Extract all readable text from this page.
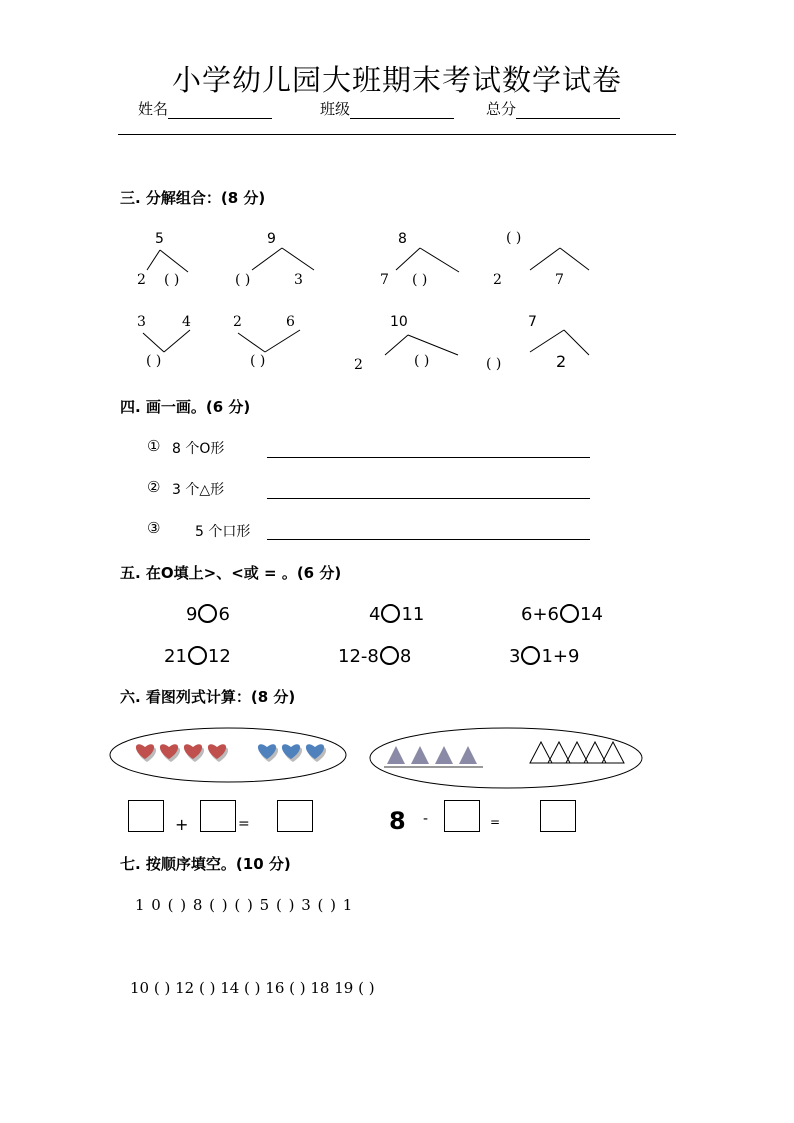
小学幼儿园大班期末考试数学试卷
姓名	班级	总分
三. 分解组合：(8 分)
5
2 ( )
9
( )	3
8
7 ( )
( )
2	7
3	4
( )
2	6
( )
10
2	( )
7
( )	2
四. 画一画。(6 分)
① 8 个O形
② 3 个△形
③ 5 个口形
五. 在O填上>、<或 = 。(6 分)
9 6	4 11	6+6 14
21 12	12-8 8	3 1+9
六. 看图列式计算：(8 分)
+	=	8 -	=
七. 按顺序填空。(10 分)
1 0 ( ) 8 ( ) ( ) 5 ( ) 3 ( ) 1
10 ( ) 12 ( ) 14 ( ) 16 ( ) 18 19 ( )
